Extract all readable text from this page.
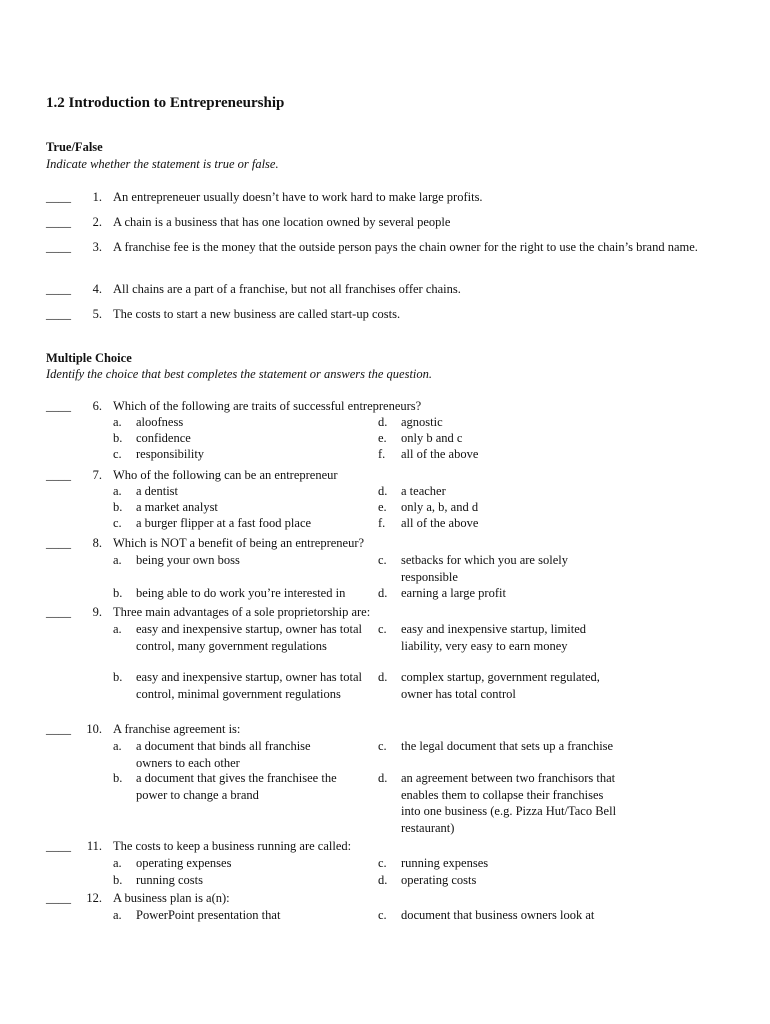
1.2 Introduction to Entrepreneurship
True/False
Indicate whether the statement is true or false.
____	1. An entrepreneuer usually doesn’t have to work hard to make large profits.
____	2. A chain is a business that has one location owned by several people
____	3. A franchise fee is the money that the outside person pays the chain owner for the right to use the chain’s brand name.
____	4. All chains are a part of a franchise, but not all franchises offer chains.
____	5. The costs to start a new business are called start-up costs.
Multiple Choice
Identify the choice that best completes the statement or answers the question.
____	6. Which of the following are traits of successful entrepreneurs?
a.	aloofness
b.	confidence
c.	responsibility
d.	agnostic
e.	only b and c
f.	all of the above
____	7. Who of the following can be an entrepreneur
a.	a dentist
b.	a market analyst
c.	a burger flipper at a fast food place
d.	a teacher
e.	only a, b, and d
f.	all of the above
____	8. Which is NOT a benefit of being an entrepreneur?
a.	being your own boss
b.	being able to do work you’re interested in
c.	setbacks for which you are solely responsible
d.	earning a large profit
____	9. Three main advantages of a sole proprietorship are:
a.	easy and inexpensive startup, owner has total control, many government regulations
b.	easy and inexpensive startup, owner has total control, minimal government regulations
c.	easy and inexpensive startup, limited liability, very easy to earn money
d.	complex startup, government regulated, owner has total control
____	10. A franchise agreement is:
a.	a document that binds all franchise owners to each other
b.	a document that gives the franchisee the power to change a brand
c.	the legal document that sets up a franchise
d.	an agreement between two franchisors that enables them to collapse their franchises into one business (e.g. Pizza Hut/Taco Bell restaurant)
____	11. The costs to keep a business running are called:
a.	operating expenses
b.	running costs
c.	running expenses
d.	operating costs
____	12. A business plan is a(n):
a.	PowerPoint presentation that	c.	document that business owners look at
